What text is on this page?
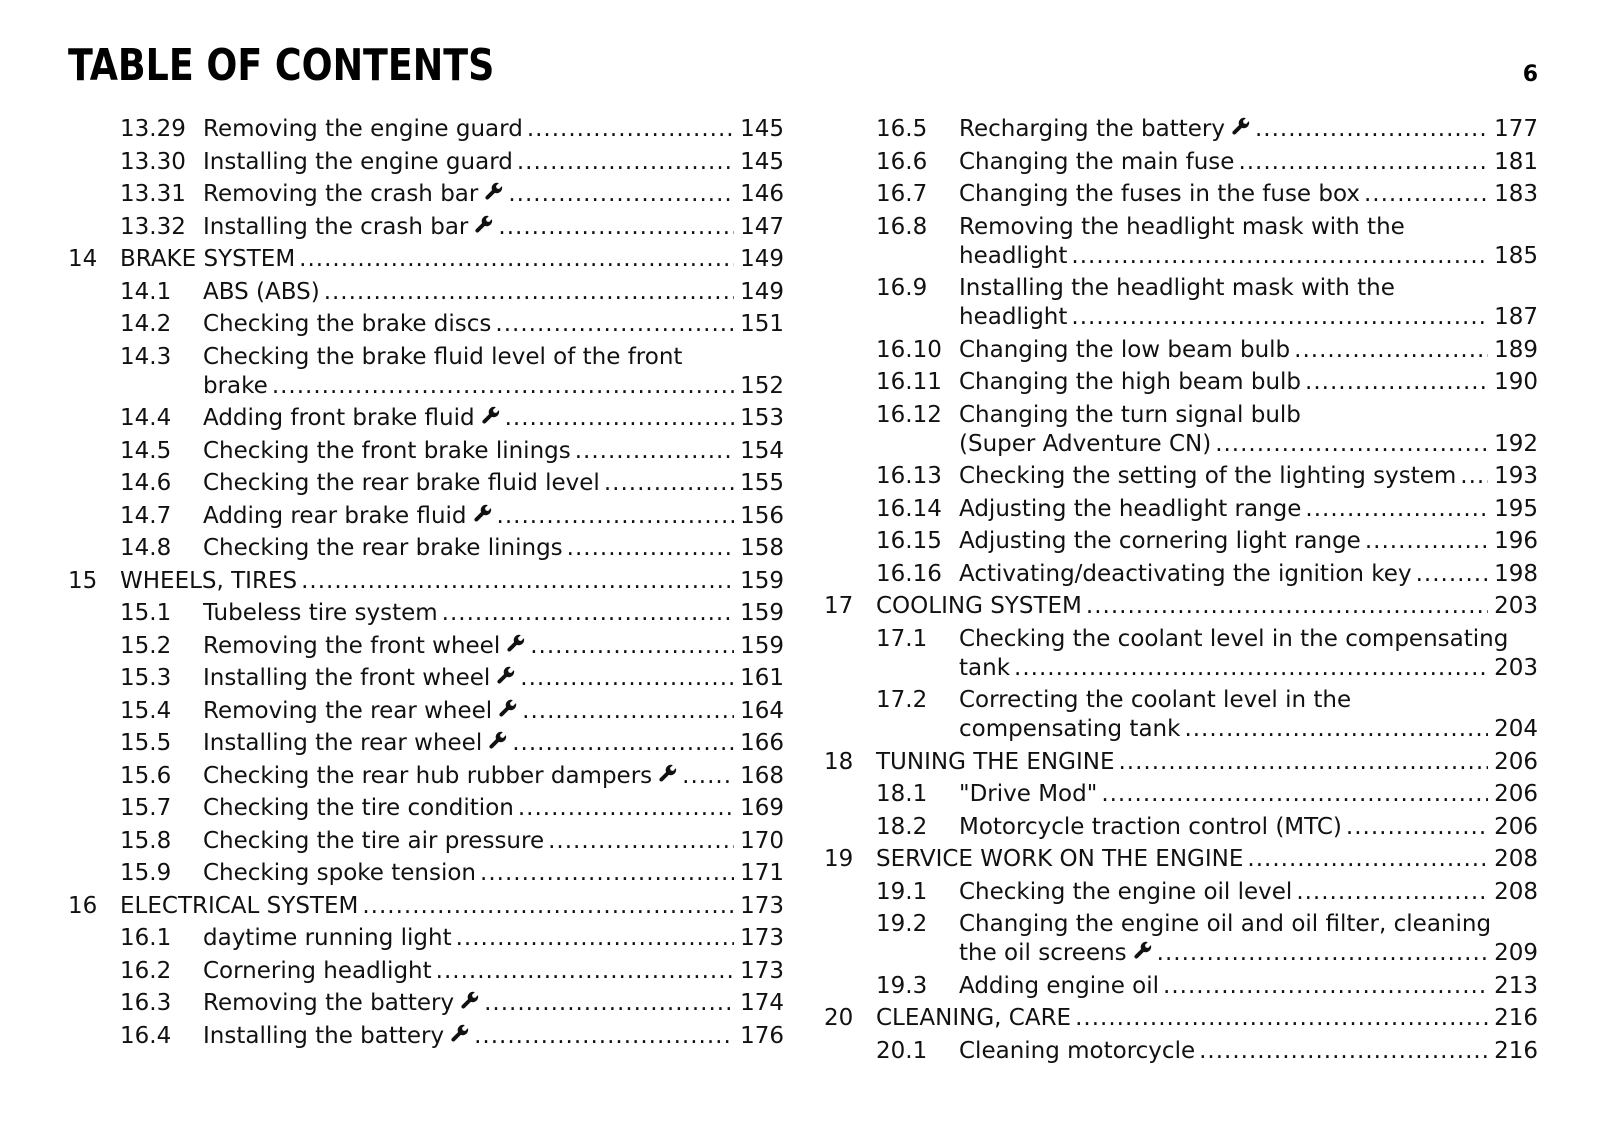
TABLE OF CONTENTS	6
13.29 Removing the engine guard .....	145
13.30 Installing the engine guard .....	145
13.31 Removing the crash bar .....	146
13.32 Installing the crash bar .....	147
14 BRAKE SYSTEM .....	149
14.1 ABS (ABS) .....	149
14.2 Checking the brake discs .....	151
14.3 Checking the brake fluid level of the front
brake .....	152
14.4 Adding front brake fluid .....	153
14.5 Checking the front brake linings .....	154
14.6 Checking the rear brake fluid level .....	155
14.7 Adding rear brake fluid .....	156
14.8 Checking the rear brake linings .....	158
15 WHEELS, TIRES .....	159
15.1 Tubeless tire system .....	159
15.2 Removing the front wheel .....	159
15.3 Installing the front wheel .....	161
15.4 Removing the rear wheel .....	164
15.5 Installing the rear wheel .....	166
15.6 Checking the rear hub rubber dampers .....	168
15.7 Checking the tire condition .....	169
15.8 Checking the tire air pressure .....	170
15.9 Checking spoke tension .....	171
16 ELECTRICAL SYSTEM .....	173
16.1 daytime running light .....	173
16.2 Cornering headlight .....	173
16.3 Removing the battery .....	174
16.4 Installing the battery .....	176
16.5 Recharging the battery .....	177
16.6 Changing the main fuse .....	181
16.7 Changing the fuses in the fuse box .....	183
16.8 Removing the headlight mask with the
headlight .....	185
16.9 Installing the headlight mask with the
headlight .....	187
16.10 Changing the low beam bulb .....	189
16.11 Changing the high beam bulb .....	190
16.12 Changing the turn signal bulb
(Super Adventure CN) .....	192
16.13 Checking the setting of the lighting system ..... 193
16.14 Adjusting the headlight range .....	195
16.15 Adjusting the cornering light range .....	196
16.16 Activating/deactivating the ignition key .....	198
17 COOLING SYSTEM .....	203
17.1 Checking the coolant level in the compensating
tank .....	203
17.2 Correcting the coolant level in the
compensating tank .....	204
18 TUNING THE ENGINE .....	206
18.1 "Drive Mod" .....	206
18.2 Motorcycle traction control (MTC) .....	206
19 SERVICE WORK ON THE ENGINE .....	208
19.1 Checking the engine oil level .....	208
19.2 Changing the engine oil and oil filter, cleaning
the oil screens .....	209
19.3 Adding engine oil .....	213
20 CLEANING, CARE .....	216
20.1 Cleaning motorcycle .....	216
